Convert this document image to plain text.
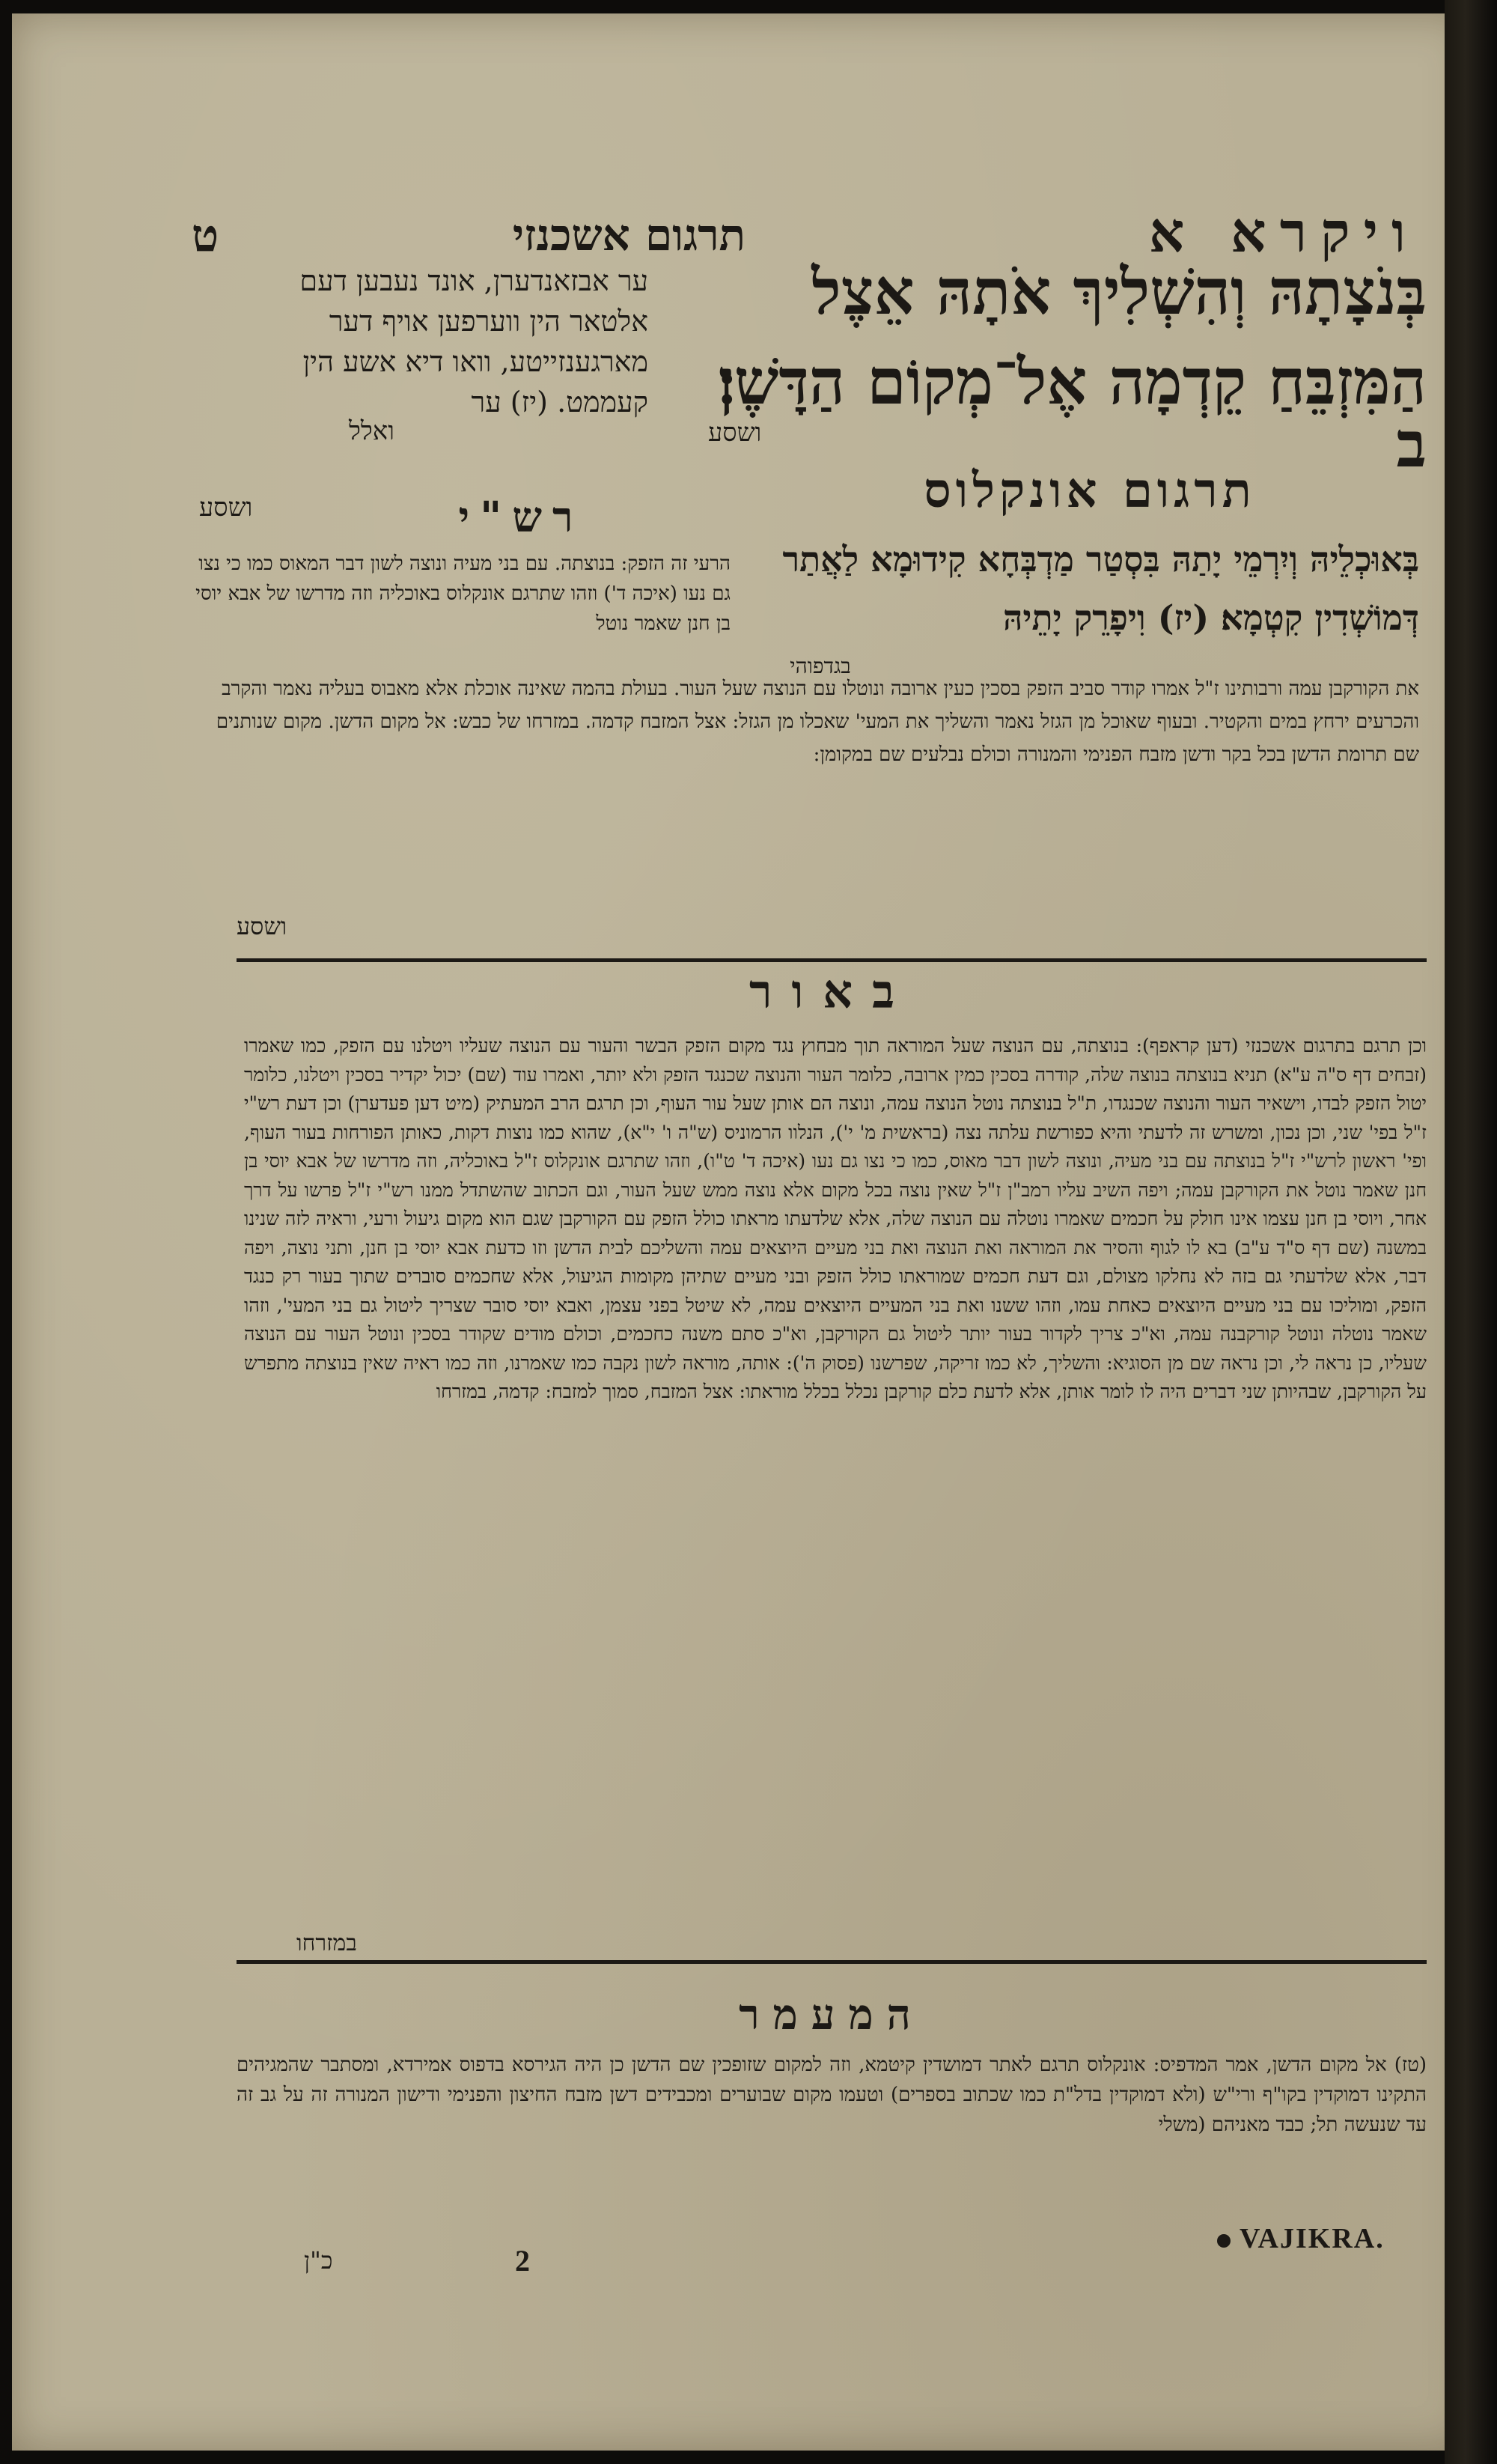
ויקרא א
תרגום אשכנזי
ט
בְּנֹצָתָהּ וְהִשְׁלִיךְ אֹתָהּ אֵצֶל
הַמִּזְבֵּחַ קֵדְמָה אֶל־מְקוֹם הַדָּשֶׁן׃ ב
ער אבזאנדערן, אונד נעבען דעם אלטאר הין ווערפען אויף דער מארגענזייטע, וואו דיא אשע הין קעממט. (יז) ער
ואלל	ושסע
תרגום אונקלוס
בְּאוּכְלֵיהּ וְיִרְמֵי יָתַהּ בִּסְטַר מַדְבְּחָא קִידוּמָא לַאֲתַר דְּמוֹשְׁדִין קִטְמָא׃ (יז) וִיפָרֵק יָתֵיהּ
בגדפוהי
רש"י
ושסע
הרעי זה הזפק: בנוצתה. עם בני מעיה ונוצה לשון דבר המאוס כמו כי נצו גם נעו (איכה ד') וזהו שתרגם אונקלוס באוכליה וזה מדרשו של אבא יוסי בן חנן שאמר נוטל
את הקורקבן עמה ורבותינו ז"ל אמרו קודר סביב הזפק בסכין כעין ארובה ונוטלו עם הנוצה שעל העור. בעולת בהמה שאינה אוכלת אלא מאבוס בעליה נאמר והקרב והכרעים ירחץ במים והקטיר. ובעוף שאוכל מן הגזל נאמר והשליך את המעי' שאכלו מן הגזל: אצל המזבח קדמה. במזרחו של כבש: אל מקום הדשן. מקום שנותנים שם תרומת הדשן בכל בקר ודשן מזבח הפנימי והמנורה וכולם נבלעים שם במקומן:
ושסע
באור
וכן תרגם בתרגום אשכנזי (דען קראפף): בנוצתה, עם הנוצה שעל המוראה תוך מבחוץ נגד מקום הזפק הבשר והעור עם הנוצה שעליו ויטלנו עם הזפק, כמו שאמרו (זבחים דף ס"ה ע"א) תניא בנוצתה בנוצה שלה, קודרה בסכין כמין ארובה, כלומר העור והנוצה שכנגד הזפק ולא יותר, ואמרו עוד (שם) יכול יקדיר בסכין ויטלנו, כלומר יטול הזפק לבדו, וישאיר העור והנוצה שכנגדו, ת"ל בנוצתה נוטל הנוצה עמה, ונוצה הם אותן שעל עור העוף, וכן תרגם הרב המעתיק (מיט דען פעדערן) וכן דעת רש"י ז"ל בפי' שני, וכן נכון, ומשרש זה לדעתי והיא כפורשת עלתה נצה (בראשית מ' י'), הנלוו הרמוניס (ש"ה ו' י"א), שהוא כמו נוצות דקות, כאותן הפורחות בעור העוף, ופי' ראשון לרש"י ז"ל בנוצתה עם בני מעיה, ונוצה לשון דבר מאוס, כמו כי נצו גם נעו (איכה ד' ט"ו), וזהו שתרגם אונקלוס ז"ל באוכליה, וזה מדרשו של אבא יוסי בן חנן שאמר נוטל את הקורקבן עמה; ויפה השיב עליו רמב"ן ז"ל שאין נוצה בכל מקום אלא נוצה ממש שעל העור, וגם הכתוב שהשתדל ממנו רש"י ז"ל פרשו על דרך אחר, ויוסי בן חנן עצמו אינו חולק על חכמים שאמרו נוטלה עם הנוצה שלה, אלא שלדעתו מראתו כולל הזפק עם הקורקבן שגם הוא מקום גיעול ורעי, וראיה לזה שנינו במשנה (שם דף ס"ד ע"ב) בא לו לגוף והסיר את המוראה ואת הנוצה ואת בני מעיים היוצאים עמה והשליכם לבית הדשן וזו כדעת אבא יוסי בן חנן, ותני נוצה, ויפה דבר, אלא שלדעתי גם בזה לא נחלקו מצולם, וגם דעת חכמים שמוראתו כולל הזפק ובני מעיים שתיהן מקומות הגיעול, אלא שחכמים סוברים שתוך בעור רק כנגד הזפק, ומוליכו עם בני מעיים היוצאים כאחת עמו, וזהו ששנו ואת בני המעיים היוצאים עמה, לא שיטל בפני עצמן, ואבא יוסי סובר שצריך ליטול גם בני המעי', וזהו שאמר נוטלה ונוטל קורקבנה עמה, וא"כ צריך לקדור בעור יותר ליטול גם הקורקבן, וא"כ סתם משנה כחכמים, וכולם מודים שקודר בסכין ונוטל העור עם הנוצה שעליו, כן נראה לי, וכן נראה שם מן הסוגיא: והשליך, לא כמו זריקה, שפרשנו (פסוק ה'): אותה, מוראה לשון נקבה כמו שאמרנו, וזה כמו ראיה שאין בנוצתה מתפרש על הקורקבן, שבהיותן שני דברים היה לו לומר אותן, אלא לדעת כלם קורקבן נכלל בכלל מוראתו: אצל המזבח, סמוך למזבח: קדמה, במזרחו
במזרחו
המעמר
(טז) אל מקום הדשן, אמר המדפיס: אונקלוס תרגם לאתר דמושדין קיטמא, וזה למקום שזופכין שם הדשן כן היה הגירסא בדפוס אמירדא, ומסתבר שהמגיהים התקינו דמוקדין בקו"ף ורי"ש (ולא דמוקדין בדל"ת כמו שכתוב בספרים) וטעמו מקום שבוערים ומכבידים דשן מזבח החיצון והפנימי ודישון המנורה זה על גב זה עד שנעשה תל; כבד מאניהם (משלי
VAJIKRA.
2
כ"ן
